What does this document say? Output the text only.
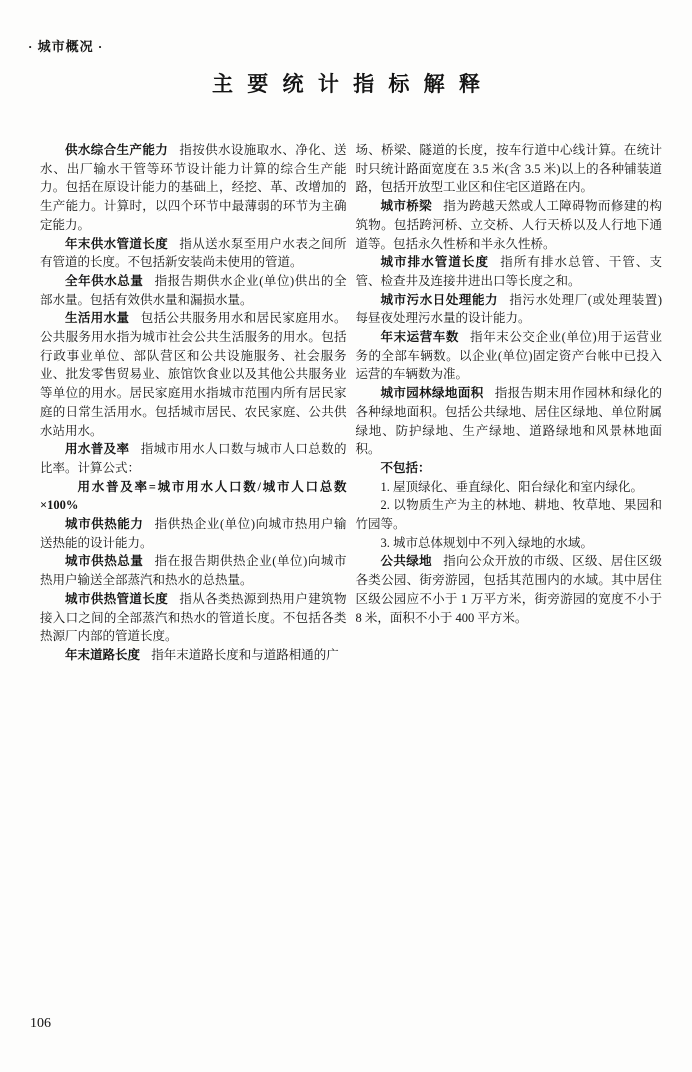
· 城市概况 ·
主要统计指标解释

供水综合生产能力 指按供水设施取水、净化、送水、出厂输水干管等环节设计能力计算的综合生产能力。包括在原设计能力的基础上，经挖、革、改增加的生产能力。计算时，以四个环节中最薄弱的环节为主确定能力。

年末供水管道长度 指从送水泵至用户水表之间所有管道的长度。不包括新安装尚未使用的管道。

全年供水总量 指报告期供水企业(单位)供出的全部水量。包括有效供水量和漏损水量。

生活用水量 包括公共服务用水和居民家庭用水。公共服务用水指为城市社会公共生活服务的用水。包括行政事业单位、部队营区和公共设施服务、社会服务业、批发零售贸易业、旅馆饮食业以及其他公共服务业等单位的用水。居民家庭用水指城市范围内所有居民家庭的日常生活用水。包括城市居民、农民家庭、公共供水站用水。

用水普及率 指城市用水人口数与城市人口总数的比率。计算公式：

用水普及率=城市用水人口数/城市人口总数×100%

城市供热能力 指供热企业(单位)向城市热用户输送热能的设计能力。

城市供热总量 指在报告期供热企业(单位)向城市热用户输送全部蒸汽和热水的总热量。

城市供热管道长度 指从各类热源到热用户建筑物接入口之间的全部蒸汽和热水的管道长度。不包括各类热源厂内部的管道长度。

年末道路长度 指年末道路长度和与道路相通的广

场、桥梁、隧道的长度，按车行道中心线计算。在统计时只统计路面宽度在 3.5 米(含 3.5 米)以上的各种铺装道路，包括开放型工业区和住宅区道路在内。

城市桥梁 指为跨越天然或人工障碍物而修建的构筑物。包括跨河桥、立交桥、人行天桥以及人行地下通道等。包括永久性桥和半永久性桥。

城市排水管道长度 指所有排水总管、干管、支管、检查井及连接井进出口等长度之和。

城市污水日处理能力 指污水处理厂(或处理装置)每昼夜处理污水量的设计能力。

年末运营车数 指年末公交企业(单位)用于运营业务的全部车辆数。以企业(单位)固定资产台帐中已投入运营的车辆数为准。

城市园林绿地面积 指报告期末用作园林和绿化的各种绿地面积。包括公共绿地、居住区绿地、单位附属绿地、防护绿地、生产绿地、道路绿地和风景林地面积。

不包括：

1. 屋顶绿化、垂直绿化、阳台绿化和室内绿化。

2. 以物质生产为主的林地、耕地、牧草地、果园和竹园等。

3. 城市总体规划中不列入绿地的水域。

公共绿地 指向公众开放的市级、区级、居住区级各类公园、街旁游园，包括其范围内的水域。其中居住区级公园应不小于 1 万平方米，街旁游园的宽度不小于 8 米，面积不小于 400 平方米。

106
